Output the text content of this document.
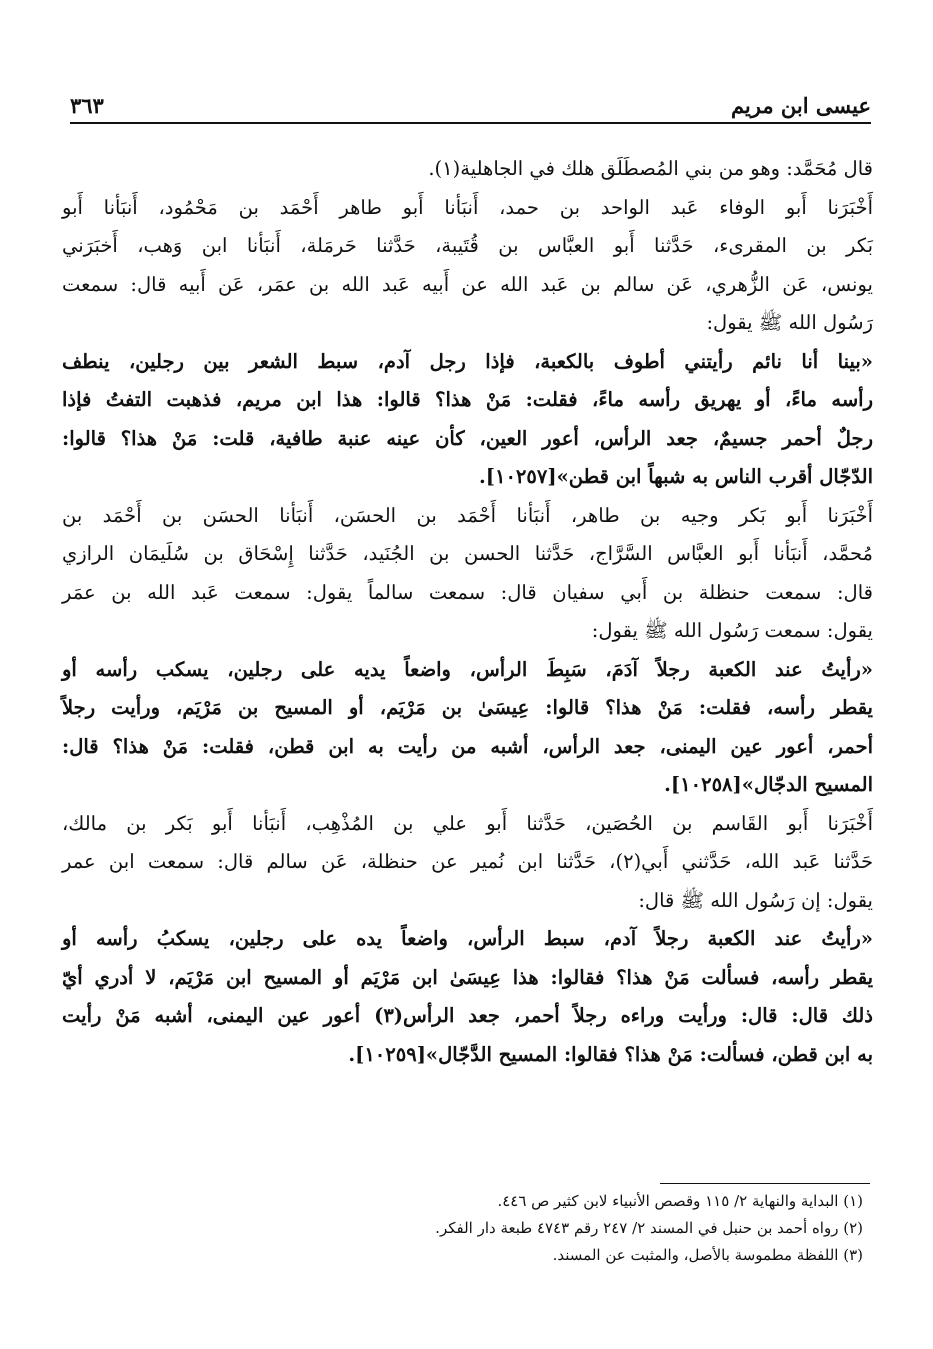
عيسى ابن مريم
٣٦٣
قال مُحَمَّد: وهو من بني المُصطَلَق هلك في الجاهلية(١).
أَخْبَرَنا أَبو الوفاء عَبد الواحد بن حمد، أَنبَأنا أَبو طاهر أَحْمَد بن مَحْمُود، أَنبَأنا أَبو
بَكر بن المقرىء، حَدَّثنا أَبو العبَّاس بن قُتَيبة، حَدَّثنا حَرمَلة، أَنبَأنا ابن وَهب، أَخبَرَني
يونس، عَن الزُّهري، عَن سالم بن عَبد الله عن أَبيه عَبد الله بن عمَر، عَن أَبيه قال: سمعت
رَسُول الله ﷺ يقول:
«بينا أنا نائم رأيتني أطوف بالكعبة، فإذا رجل آدم، سبط الشعر بين رجلين، ينطف
رأسه ماءً، أو يهريق رأسه ماءً، فقلت: مَنْ هذا؟ قالوا: هذا ابن مريم، فذهبت التفتُ فإذا
رجلٌ أحمر جسيمٌ، جعد الرأس، أعور العين، كأن عينه عنبة طافية، قلت: مَنْ هذا؟ قالوا:
الدّجّال أقرب الناس به شبهاً ابن قطن»[١٠٢٥٧].
أَخْبَرَنا أَبو بَكر وجيه بن طاهر، أَنبَأنا أَحْمَد بن الحسَن، أَنبَأنا الحسَن بن أَحْمَد بن
مُحمَّد، أَنبَأنا أَبو العبَّاس السَّرَّاج، حَدَّثنا الحسن بن الجُنَيد، حَدَّثنا إِسْحَاق بن سُلَيمَان الرازي
قال: سمعت حنظلة بن أَبي سفيان قال: سمعت سالماً يقول: سمعت عَبد الله بن عمَر
يقول: سمعت رَسُول الله ﷺ يقول:
«رأيتُ عند الكعبة رجلاً آدَمَ، سَبِطَ الرأس، واضعاً يديه على رجلين، يسكب رأسه أو
يقطر رأسه، فقلت: مَنْ هذا؟ قالوا: عِيسَىٰ بن مَرْيَم، أو المسيح بن مَرْيَم، ورأيت رجلاً
أحمر، أعور عين اليمنى، جعد الرأس، أشبه من رأيت به ابن قطن، فقلت: مَنْ هذا؟ قال:
المسيح الدجّال»[١٠٢٥٨].
أَخْبَرَنا أَبو القَاسم بن الحُصَين، حَدَّثنا أَبو علي بن المُذْهِب، أَنبَأنا أَبو بَكر بن مالك،
حَدَّثنا عَبد الله، حَدَّثني أَبي(٢)، حَدَّثنا ابن نُمير عن حنظلة، عَن سالم قال: سمعت ابن عمر
يقول: إن رَسُول الله ﷺ قال:
«رأيتُ عند الكعبة رجلاً آدم، سبط الرأس، واضعاً يده على رجلين، يسكبُ رأسه أو
يقطر رأسه، فسألت مَنْ هذا؟ فقالوا: هذا عِيسَىٰ ابن مَرْيَم أو المسيح ابن مَرْيَم، لا أدري أيّ
ذلك قال: قال: ورأيت وراءه رجلاً أحمر، جعد الرأس(٣) أعور عين اليمنى، أشبه مَنْ رأيت
به ابن قطن، فسألت: مَنْ هذا؟ فقالوا: المسيح الدَّجّال»[١٠٢٥٩].
(١) البداية والنهاية ٢/ ١١٥ وقصص الأنبياء لابن كثير ص ٤٤٦.
(٢) رواه أحمد بن حنبل في المسند ٢/ ٢٤٧ رقم ٤٧٤٣ طبعة دار الفكر.
(٣) اللفظة مطموسة بالأصل، والمثبت عن المسند.
